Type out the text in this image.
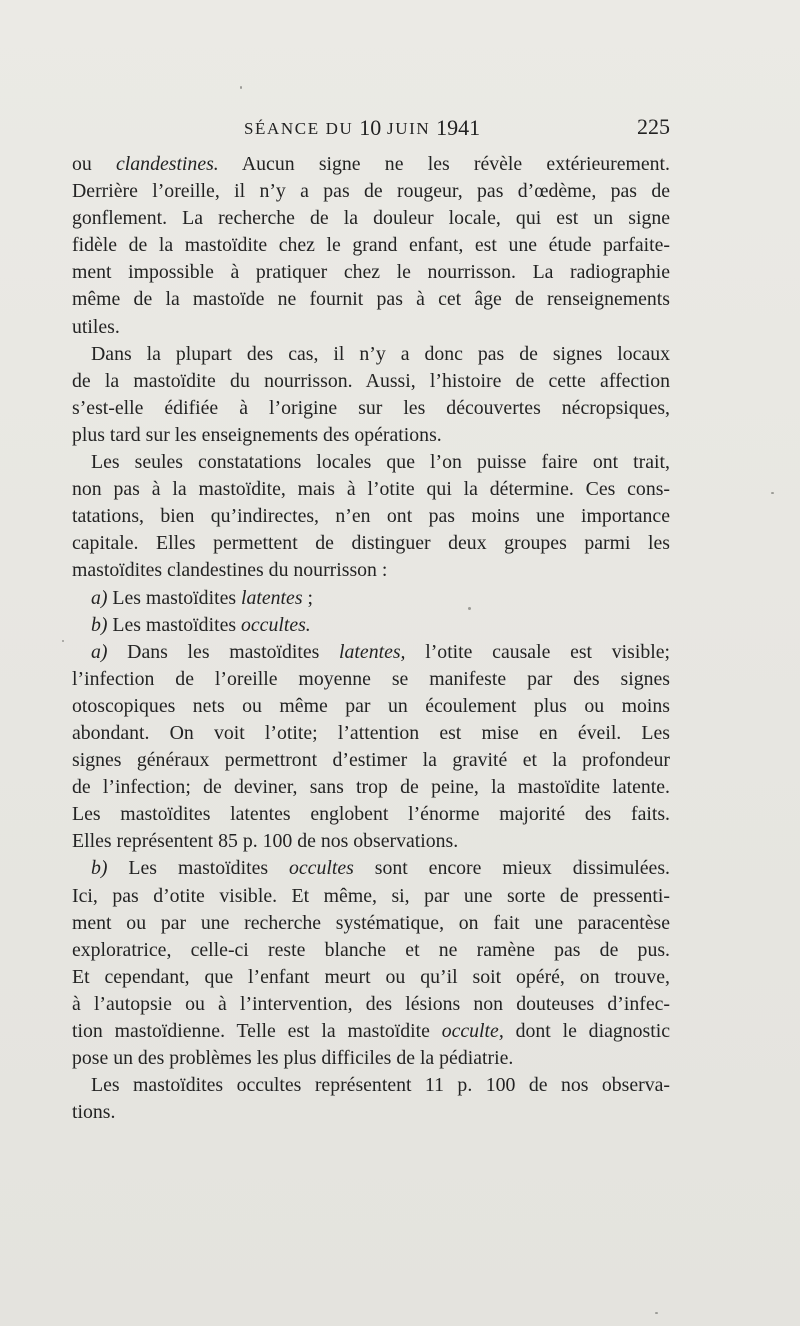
SÉANCE DU 10 JUIN 1941	225
ou clandestines. Aucun signe ne les révèle extérieurement.
Derrière l’oreille, il n’y a pas de rougeur, pas d’œdème, pas de
gonflement. La recherche de la douleur locale, qui est un signe
fidèle de la mastoïdite chez le grand enfant, est une étude parfaite-
ment impossible à pratiquer chez le nourrisson. La radiographie
même de la mastoïde ne fournit pas à cet âge de renseignements
utiles.
Dans la plupart des cas, il n’y a donc pas de signes locaux
de la mastoïdite du nourrisson. Aussi, l’histoire de cette affection
s’est-elle édifiée à l’origine sur les découvertes nécropsiques,
plus tard sur les enseignements des opérations.
Les seules constatations locales que l’on puisse faire ont trait,
non pas à la mastoïdite, mais à l’otite qui la détermine. Ces cons-
tatations, bien qu’indirectes, n’en ont pas moins une importance
capitale. Elles permettent de distinguer deux groupes parmi les
mastoïdites clandestines du nourrisson :
a) Les mastoïdites latentes ;
b) Les mastoïdites occultes.
a) Dans les mastoïdites latentes, l’otite causale est visible;
l’infection de l’oreille moyenne se manifeste par des signes
otoscopiques nets ou même par un écoulement plus ou moins
abondant. On voit l’otite; l’attention est mise en éveil. Les
signes généraux permettront d’estimer la gravité et la profondeur
de l’infection; de deviner, sans trop de peine, la mastoïdite latente.
Les mastoïdites latentes englobent l’énorme majorité des faits.
Elles représentent 85 p. 100 de nos observations.
b) Les mastoïdites occultes sont encore mieux dissimulées.
Ici, pas d’otite visible. Et même, si, par une sorte de pressenti-
ment ou par une recherche systématique, on fait une paracentèse
exploratrice, celle-ci reste blanche et ne ramène pas de pus.
Et cependant, que l’enfant meurt ou qu’il soit opéré, on trouve,
à l’autopsie ou à l’intervention, des lésions non douteuses d’infec-
tion mastoïdienne. Telle est la mastoïdite occulte, dont le diagnostic
pose un des problèmes les plus difficiles de la pédiatrie.
Les mastoïdites occultes représentent 11 p. 100 de nos observa-
tions.
